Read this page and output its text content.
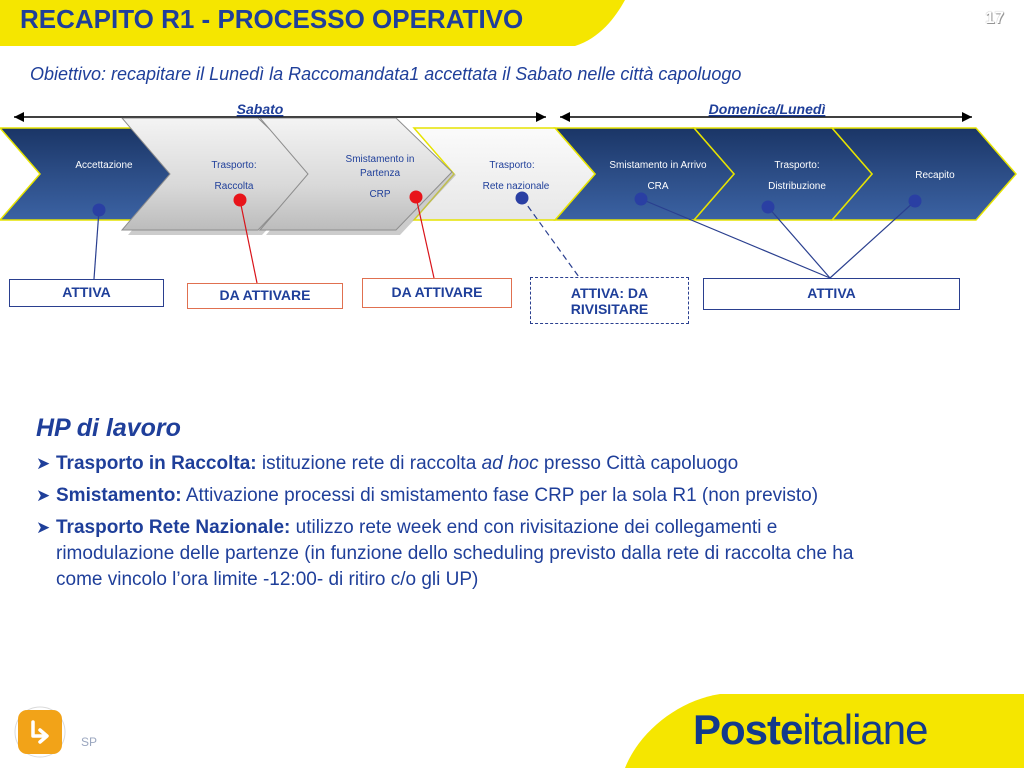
RECAPITO R1 - PROCESSO OPERATIVO	17
Obiettivo: recapitare il Lunedì la Raccomandata1 accettata il Sabato nelle città capoluogo
Sabato	Domenica/Lunedì
Accettazione	Trasporto:
Raccolta
Smistamento in
Partenza
CRP
Trasporto:
Rete nazionale
Smistamento in Arrivo
CRA
Trasporto:
Distribuzione
Recapito
ATTIVA	DA ATTIVARE	DA ATTIVARE	ATTIVA: DA RIVISITARE
ATTIVA
HP di lavoro
➤ Trasporto in Raccolta: istituzione rete di raccolta ad hoc presso Città capoluogo
➤ Smistamento: Attivazione processi di smistamento fase CRP per la sola R1 (non previsto)
➤ Trasporto Rete Nazionale: utilizzo rete week end con rivisitazione dei collegamenti e rimodulazione delle partenze (in funzione dello scheduling previsto dalla rete di raccolta che ha come vincolo l’ora limite -12:00- di ritiro c/o gli UP)
Posteitaliane
SP
